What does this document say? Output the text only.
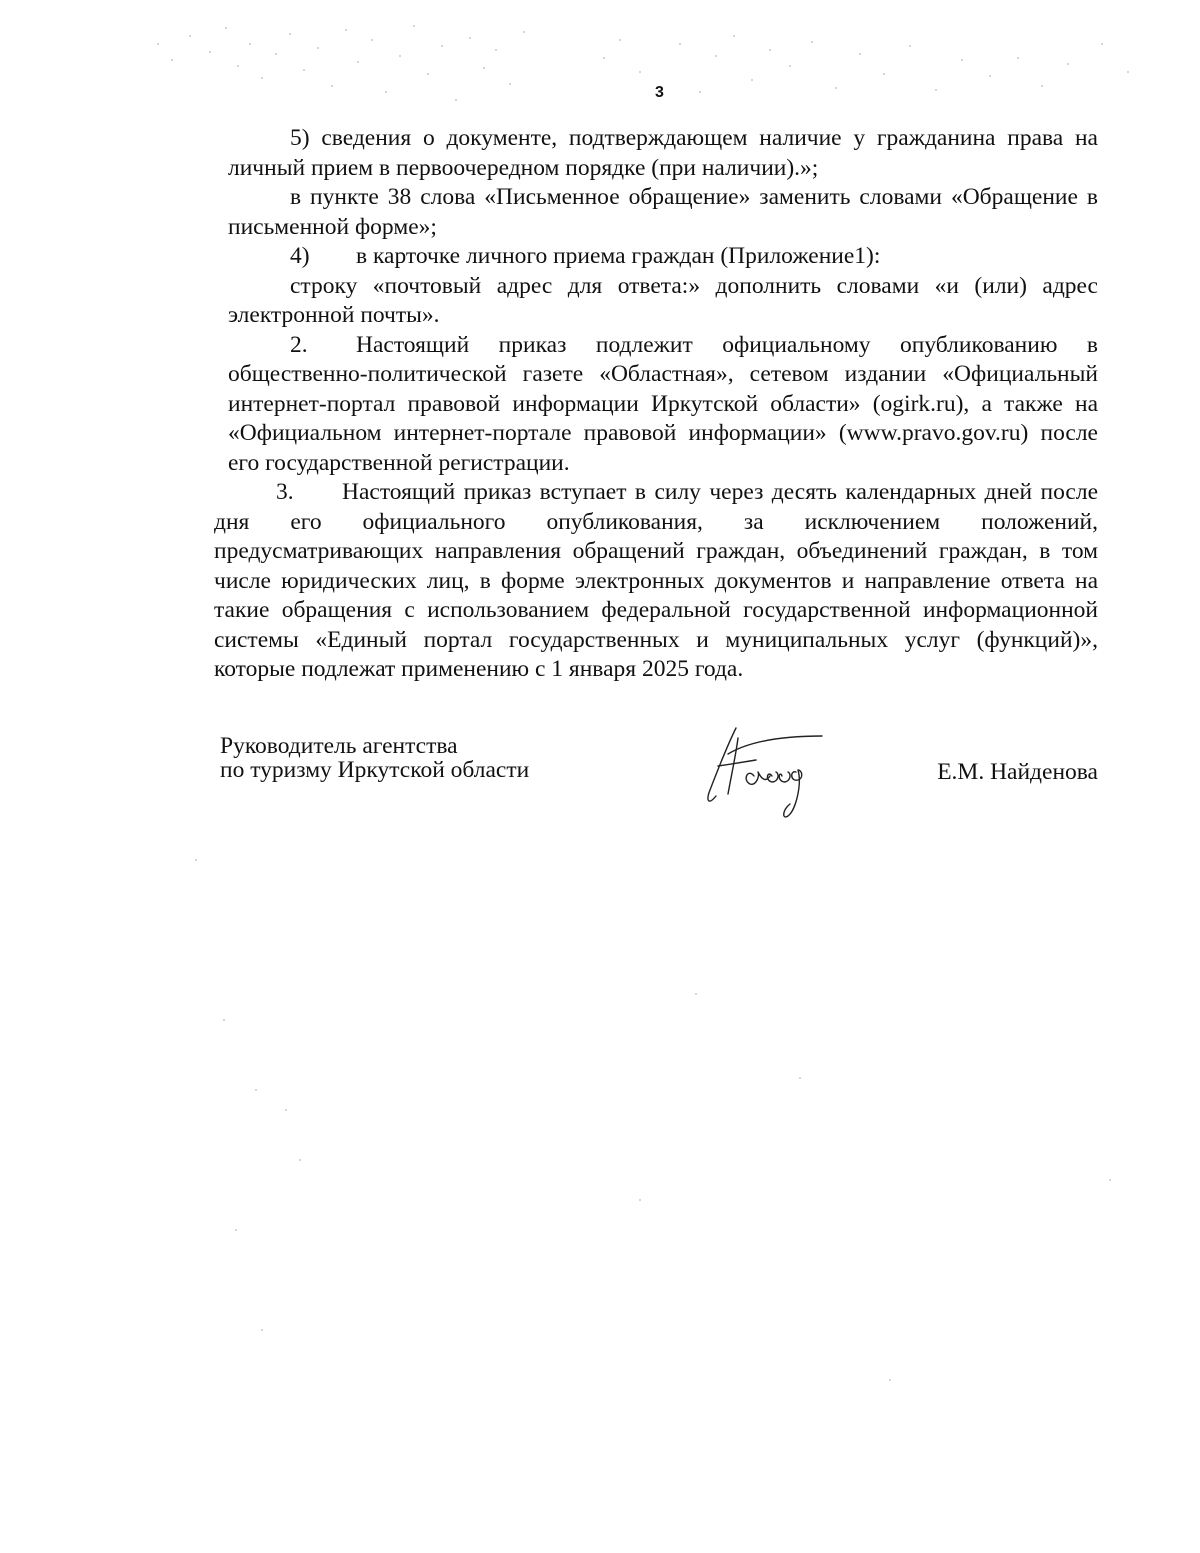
3

5) сведения о документе, подтверждающем наличие у гражданина права на личный прием в первоочередном порядке (при наличии).»;

в пункте 38 слова «Письменное обращение» заменить словами «Обращение в письменной форме»;

4) в карточке личного приема граждан (Приложение1):

строку «почтовый адрес для ответа:» дополнить словами «и (или) адрес электронной почты».

2. Настоящий приказ подлежит официальному опубликованию в общественно-политической газете «Областная», сетевом издании «Официальный интернет-портал правовой информации Иркутской области» (ogirk.ru), а также на «Официальном интернет-портале правовой информации» (www.pravo.gov.ru) после его государственной регистрации.

3. Настоящий приказ вступает в силу через десять календарных дней после дня его официального опубликования, за исключением положений, предусматривающих направления обращений граждан, объединений граждан, в том числе юридических лиц, в форме электронных документов и направление ответа на такие обращения с использованием федеральной государственной информационной системы «Единый портал государственных и муниципальных услуг (функций)», которые подлежат применению с 1 января 2025 года.

Руководитель агентства
по туризму Иркутской области	Е.М. Найденова
